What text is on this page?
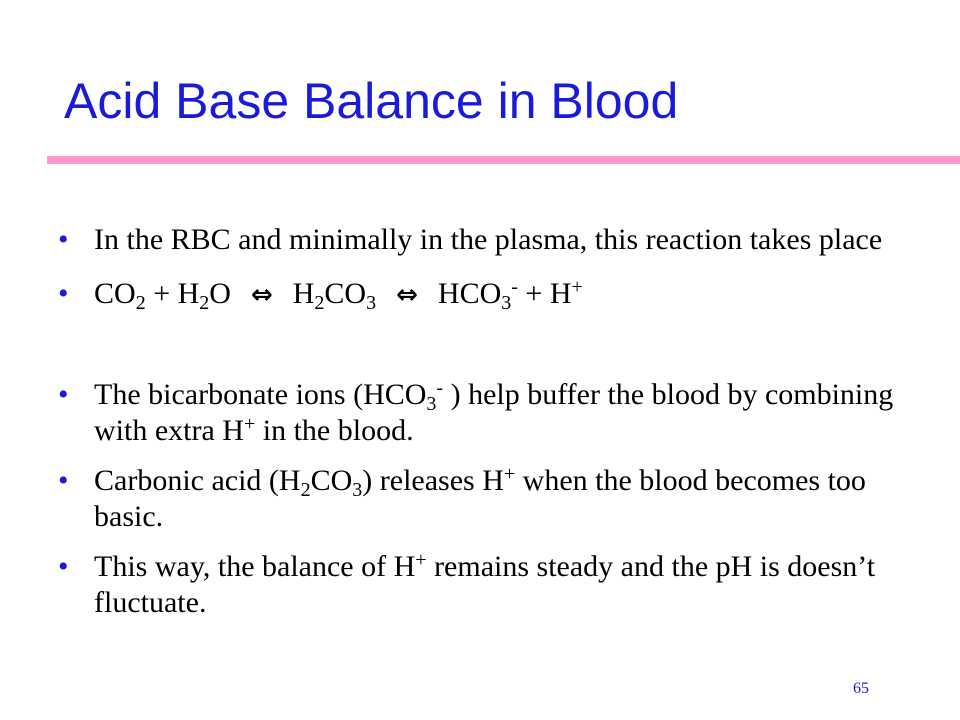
Acid Base Balance in Blood
• In the RBC and minimally in the plasma, this reaction takes place
• $CO_2 + H_2O$ ⇔ $H_2CO_3$ ⇔ $HCO_3^- + H^+$
• The bicarbonate ions ($HCO_3^-$ ) help buffer the blood by combining with extra H+ in the blood.
• Carbonic acid $(H_2CO_3)$ releases H+ when the blood becomes too basic.
• This way, the balance of H+ remains steady and the pH is doesn’t fluctuate.
65
